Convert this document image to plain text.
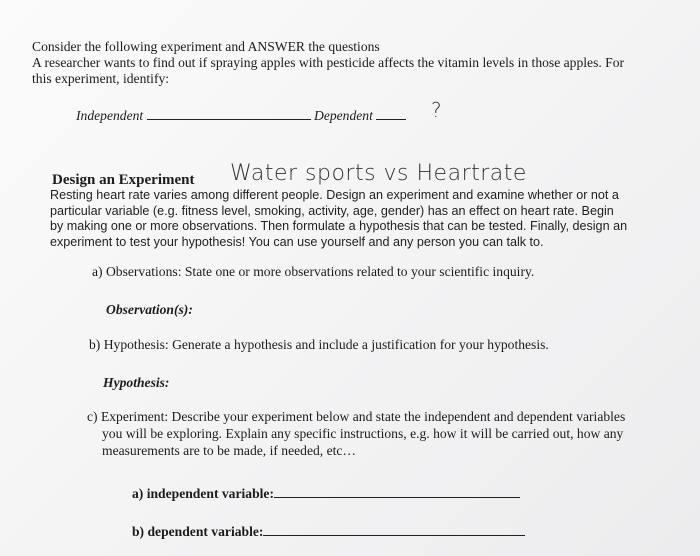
Consider the following experiment and ANSWER the questions
A researcher wants to find out if spraying apples with pesticide affects the vitamin levels in those apples. For
this experiment, identify:
Independent	Dependent	?
Design an Experiment Water sports vs Heartrate
Resting heart rate varies among different people. Design an experiment and examine whether or not a
particular variable (e.g. fitness level, smoking, activity, age, gender) has an effect on heart rate. Begin
by making one or more observations. Then formulate a hypothesis that can be tested. Finally, design an
experiment to test your hypothesis! You can use yourself and any person you can talk to.
a) Observations: State one or more observations related to your scientific inquiry.
Observation(s):
b) Hypothesis: Generate a hypothesis and include a justification for your hypothesis.
Hypothesis:
c) Experiment: Describe your experiment below and state the independent and dependent variables
you will be exploring. Explain any specific instructions, e.g. how it will be carried out, how any
measurements are to be made, if needed, etc…
a) independent variable:
b) dependent variable:
